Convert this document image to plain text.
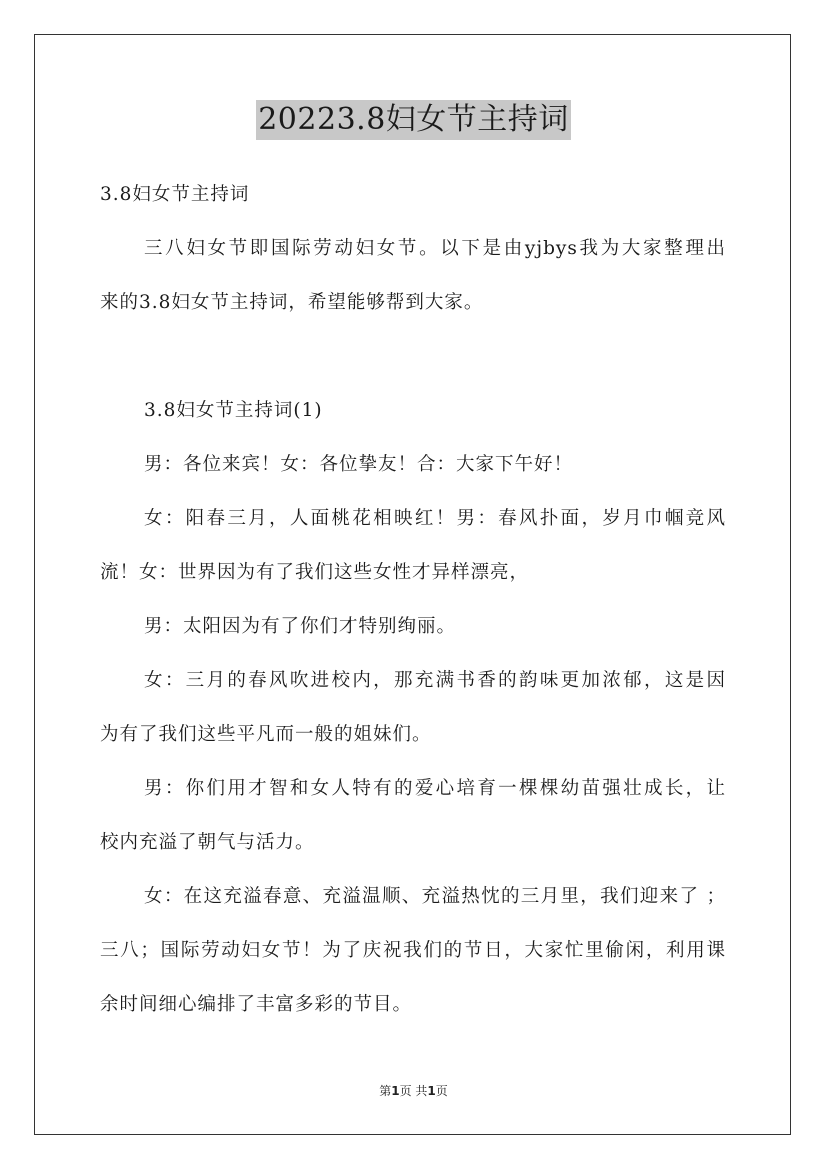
20223.8妇女节主持词
3.8妇女节主持词
三八妇女节即国际劳动妇女节。以下是由yjbys我为大家整理出
来的3.8妇女节主持词，希望能够帮到大家。
3.8妇女节主持词(1)
男：各位来宾！女：各位挚友！合：大家下午好！
女：阳春三月，人面桃花相映红！男：春风扑面，岁月巾帼竞风
流！女：世界因为有了我们这些女性才异样漂亮，
男：太阳因为有了你们才特别绚丽。
女：三月的春风吹进校内，那充满书香的韵味更加浓郁，这是因
为有了我们这些平凡而一般的姐妹们。
男：你们用才智和女人特有的爱心培育一棵棵幼苗强壮成长，让
校内充溢了朝气与活力。
女：在这充溢春意、充溢温顺、充溢热忱的三月里，我们迎来了 ；
三八；国际劳动妇女节！为了庆祝我们的节日，大家忙里偷闲，利用课
余时间细心编排了丰富多彩的节目。
第1页 共1页
